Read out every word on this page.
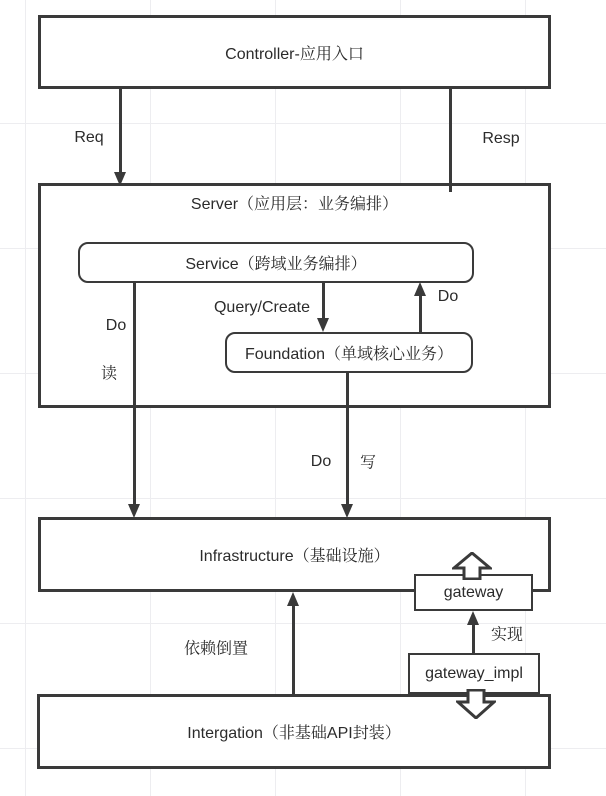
Controller-应用入口
Server（应用层：业务编排）
Infrastructure（基础设施）
Intergation（非基础API封装）
Service（跨域业务编排）
Foundation（单域核心业务）
gateway
gateway_impl
Req	Resp
Do
读
Query/Create
Do
Do 写
依赖倒置
实现
